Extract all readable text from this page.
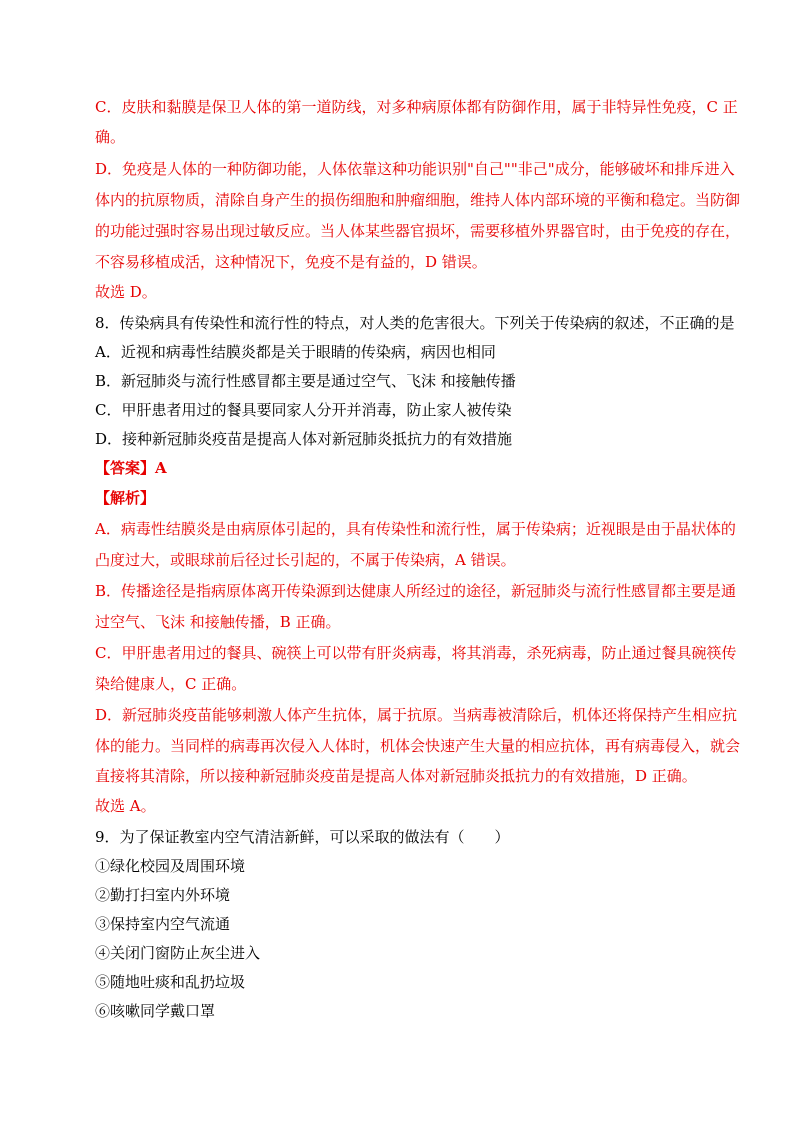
C．皮肤和黏膜是保卫人体的第一道防线，对多种病原体都有防御作用，属于非特异性免疫，C 正
确。
D．免疫是人体的一种防御功能，人体依靠这种功能识别"自己""非己"成分，能够破坏和排斥进入
体内的抗原物质，清除自身产生的损伤细胞和肿瘤细胞，维持人体内部环境的平衡和稳定。当防御
的功能过强时容易出现过敏反应。当人体某些器官损坏，需要移植外界器官时，由于免疫的存在，
不容易移植成活，这种情况下，免疫不是有益的，D 错误。
故选 D。
8．传染病具有传染性和流行性的特点，对人类的危害很大。下列关于传染病的叙述，不正确的是
A．近视和病毒性结膜炎都是关于眼睛的传染病，病因也相同
B．新冠肺炎与流行性感冒都主要是通过空气、飞沫 和接触传播
C．甲肝患者用过的餐具要同家人分开并消毒，防止家人被传染
D．接种新冠肺炎疫苗是提高人体对新冠肺炎抵抗力的有效措施
【答案】A
【解析】
A．病毒性结膜炎是由病原体引起的，具有传染性和流行性，属于传染病；近视眼是由于晶状体的
凸度过大，或眼球前后径过长引起的，不属于传染病，A 错误。
B．传播途径是指病原体离开传染源到达健康人所经过的途径，新冠肺炎与流行性感冒都主要是通
过空气、飞沫 和接触传播，B 正确。
C．甲肝患者用过的餐具、碗筷上可以带有肝炎病毒，将其消毒，杀死病毒，防止通过餐具碗筷传
染给健康人，C 正确。
D．新冠肺炎疫苗能够刺激人体产生抗体，属于抗原。当病毒被清除后，机体还将保持产生相应抗
体的能力。当同样的病毒再次侵入人体时，机体会快速产生大量的相应抗体，再有病毒侵入，就会
直接将其清除，所以接种新冠肺炎疫苗是提高人体对新冠肺炎抵抗力的有效措施，D 正确。
故选 A。
9．为了保证教室内空气清洁新鲜，可以采取的做法有（　　）
①绿化校园及周围环境
②勤打扫室内外环境
③保持室内空气流通
④关闭门窗防止灰尘进入
⑤随地吐痰和乱扔垃圾
⑥咳嗽同学戴口罩
